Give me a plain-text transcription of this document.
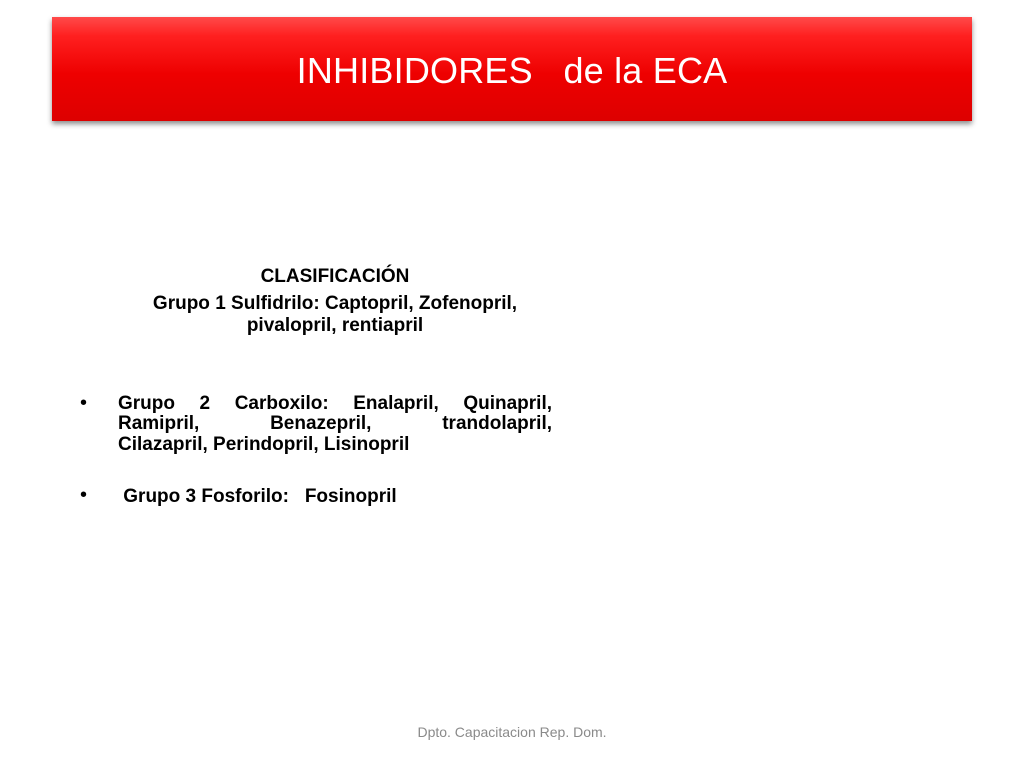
INHIBIDORES   de la ECA
CLASIFICACIÓN
Grupo 1 Sulfidrilo: Captopril, Zofenopril,
pivalopril, rentiapril
• Grupo 2 Carboxilo: Enalapril, Quinapril,
Ramipril,	Benazepril,	trandolapril,
Cilazapril, Perindopril, Lisinopril
• Grupo 3 Fosforilo:   Fosinopril
Dpto. Capacitacion Rep. Dom.
